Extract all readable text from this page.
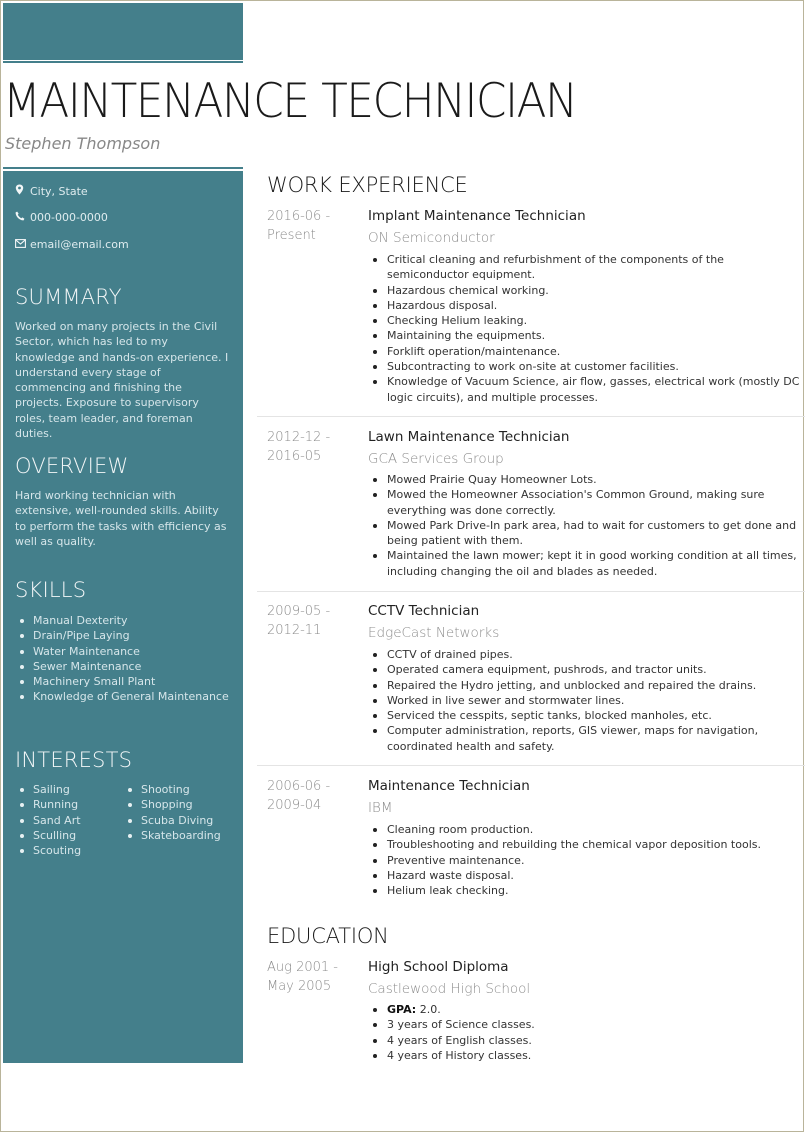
MAINTENANCE TECHNICIAN
Stephen Thompson
City, State
000-000-0000
email@email.com
SUMMARY

Worked on many projects in the Civil Sector, which has led to my knowledge and hands-on experience. I understand every stage of commencing and finishing the projects. Exposure to supervisory roles, team leader, and foreman duties.

OVERVIEW

Hard working technician with extensive, well-rounded skills. Ability to perform the tasks with efficiency as well as quality.

SKILLS
Manual Dexterity
Drain/Pipe Laying
Water Maintenance
Sewer Maintenance
Machinery Small Plant
Knowledge of General Maintenance
INTERESTS
Sailing
Running
Sand Art
Sculling
Scouting
Shooting
Shopping
Scuba Diving
Skateboarding
WORK EXPERIENCE
2016-06 - Present
Implant Maintenance Technician
ON Semiconductor
Critical cleaning and refurbishment of the components of the semiconductor equipment.
Hazardous chemical working.
Hazardous disposal.
Checking Helium leaking.
Maintaining the equipments.
Forklift operation/maintenance.
Subcontracting to work on-site at customer facilities.
Knowledge of Vacuum Science, air flow, gasses, electrical work (mostly DC logic circuits), and multiple processes.
2012-12 - 2016-05
Lawn Maintenance Technician
GCA Services Group
Mowed Prairie Quay Homeowner Lots.
Mowed the Homeowner Association's Common Ground, making sure everything was done correctly.
Mowed Park Drive-In park area, had to wait for customers to get done and being patient with them.
Maintained the lawn mower; kept it in good working condition at all times, including changing the oil and blades as needed.
2009-05 - 2012-11
CCTV Technician
EdgeCast Networks
CCTV of drained pipes.
Operated camera equipment, pushrods, and tractor units.
Repaired the Hydro jetting, and unblocked and repaired the drains.
Worked in live sewer and stormwater lines.
Serviced the cesspits, septic tanks, blocked manholes, etc.
Computer administration, reports, GIS viewer, maps for navigation, coordinated health and safety.
2006-06 - 2009-04
Maintenance Technician
IBM
Cleaning room production.
Troubleshooting and rebuilding the chemical vapor deposition tools.
Preventive maintenance.
Hazard waste disposal.
Helium leak checking.
EDUCATION
Aug 2001 - May 2005
High School Diploma
Castlewood High School
GPA: 2.0.
3 years of Science classes.
4 years of English classes.
4 years of History classes.
